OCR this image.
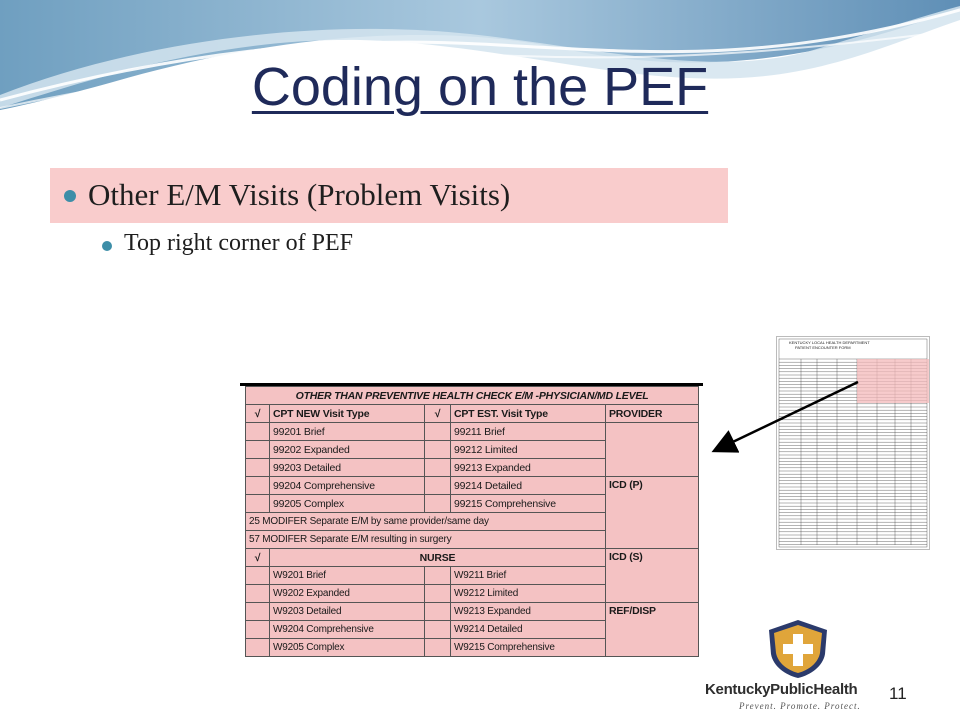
Coding on the PEF
Other E/M Visits (Problem Visits)
Top right corner of PEF
OTHER THAN PREVENTIVE HEALTH CHECK E/M -PHYSICIAN/MD LEVEL				
√	CPT NEW Visit Type	√	CPT EST. Visit Type	PROVIDER
	99201 Brief		99211 Brief	
	99202 Expanded		99212 Limited	
	99203 Detailed		99213 Expanded	
	99204 Comprehensive		99214 Detailed	ICD (P)
	99205 Complex		99215 Comprehensive	
25 MODIFER Separate E/M by same provider/same day				
57 MODIFER Separate E/M resulting in surgery				
√	NURSE			ICD (S)
	W9201 Brief		W9211 Brief	
	W9202 Expanded		W9212 Limited	
	W9203 Detailed		W9213 Expanded	REF/DISP
	W9204 Comprehensive		W9214 Detailed	
	W9205 Complex		W9215 Comprehensive	
KENTUCKY LOCAL HEALTH DEPARTMENT
PATIENT ENCOUNTER FORM
KentuckyPublicHealth
Prevent. Promote. Protect.
11
